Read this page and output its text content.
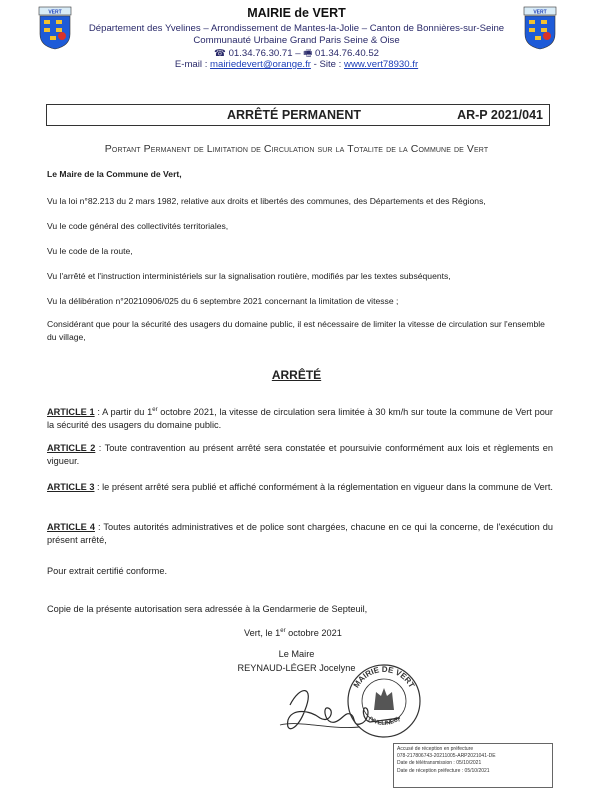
VERT	VERT
MAIRIE de VERT
Département des Yvelines – Arrondissement de Mantes-la-Jolie – Canton de Bonnières-sur-Seine
Communauté Urbaine Grand Paris Seine & Oise
☎ 01.34.76.30.71 – 🖷 01.34.76.40.52
E-mail : mairiedevert@orange.fr - Site : www.vert78930.fr
ARRÊTÉ PERMANENT	AR-P 2021/041
Portant Permanent de Limitation de Circulation sur la Totalite de la Commune de Vert
Le Maire de la Commune de Vert,
Vu la loi n°82.213 du 2 mars 1982, relative aux droits et libertés des communes, des Départements et des Régions,
Vu le code général des collectivités territoriales,
Vu le code de la route,
Vu l'arrêté et l'instruction interministériels sur la signalisation routière, modifiés par les textes subséquents,
Vu la délibération n°20210906/025 du 6 septembre 2021 concernant la limitation de vitesse ;
Considérant que pour la sécurité des usagers du domaine public, il est nécessaire de limiter la vitesse de circulation sur l'ensemble du village,
ARRÊTÉ
ARTICLE 1 : A partir du 1er octobre 2021, la vitesse de circulation sera limitée à 30 km/h sur toute la commune de Vert pour la sécurité des usagers du domaine public.
ARTICLE 2 : Toute contravention au présent arrêté sera constatée et poursuivie conformément aux lois et règlements en vigueur.
ARTICLE 3 : le présent arrêté sera publié et affiché conformément à la réglementation en vigueur dans la commune de Vert.
ARTICLE 4 : Toutes autorités administratives et de police sont chargées, chacune en ce qui la concerne, de l'exécution du présent arrêté,
Pour extrait certifié conforme.
Copie de la présente autorisation sera adressée à la Gendarmerie de Septeuil,
Vert, le 1er octobre 2021
Le Maire
REYNAUD-LÉGER Jocelyne
MAIRIE DE VERT
(YVELINES)
Accusé de réception en préfecture
078-217806743-20211005-ARP2021041-DE
Date de télétransmission : 05/10/2021
Date de réception préfecture : 05/10/2021
